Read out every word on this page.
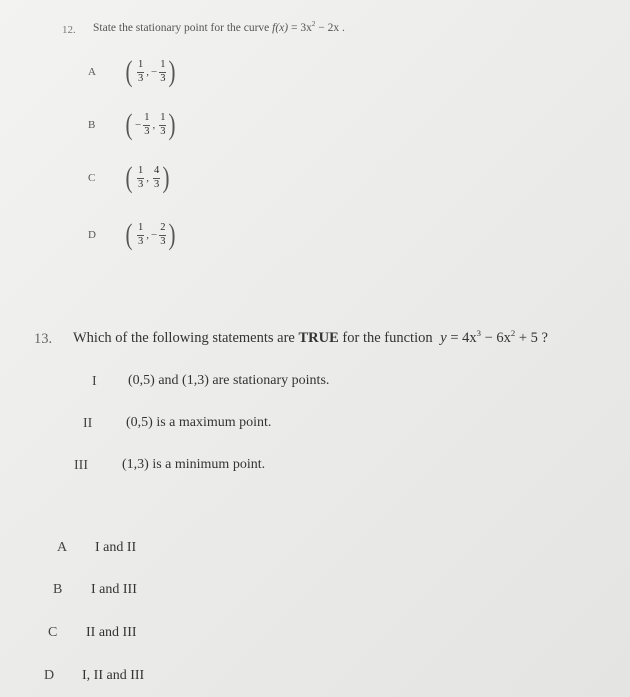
12. State the stationary point for the curve $f(x) = 3x^2 - 2x$ .
A ( $\frac{1}{3}$ , − $\frac{1}{3}$ )
B ( − $\frac{1}{3}$ , $\frac{1}{3}$ )
C ( $\frac{1}{3}$ , $\frac{4}{3}$ )
D ( $\frac{1}{3}$ , − $\frac{2}{3}$ )
13. Which of the following statements are TRUE for the function $y = 4x^3 - 6x^2 + 5$ ?
I (0,5) and (1,3) are stationary points.
II (0,5) is a maximum point.
III (1,3) is a minimum point.
A I and II
B I and III
C II and III
D I, II and III
